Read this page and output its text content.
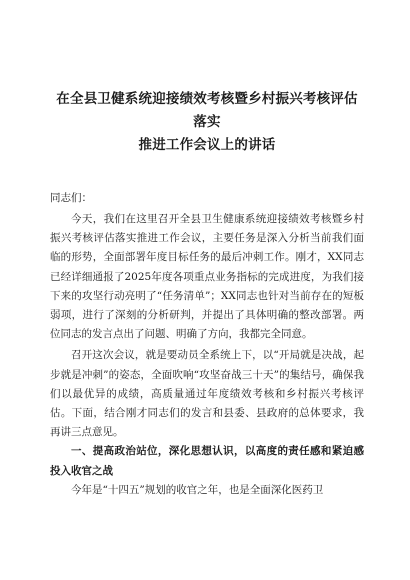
在全县卫健系统迎接绩效考核暨乡村振兴考核评估落实
推进工作会议上的讲话

同志们：

今天，我们在这里召开全县卫生健康系统迎接绩效考核暨乡村振兴考核评估落实推进工作会议，主要任务是深入分析当前我们面临的形势，全面部署年度目标任务的最后冲刺工作。刚才，XX同志已经详细通报了2025年度各项重点业务指标的完成进度，为我们接下来的攻坚行动亮明了“任务清单”；XX同志也针对当前存在的短板弱项，进行了深刻的分析研判，并提出了具体明确的整改部署。两位同志的发言点出了问题、明确了方向，我都完全同意。

召开这次会议，就是要动员全系统上下，以“开局就是决战，起步就是冲刺”的姿态，全面吹响“攻坚奋战三十天”的集结号，确保我们以最优异的成绩，高质量通过年度绩效考核和乡村振兴考核评估。下面，结合刚才同志们的发言和县委、县政府的总体要求，我再讲三点意见。

一、提高政治站位，深化思想认识，以高度的责任感和紧迫感投入收官之战

今年是“十四五”规划的收官之年，也是全面深化医药卫
